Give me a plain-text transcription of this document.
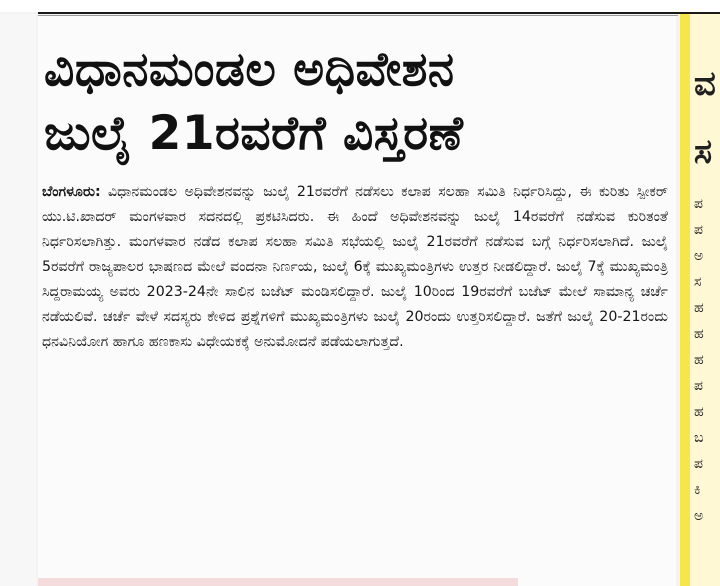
ವಿಧಾನಮಂಡಲ ಅಧಿವೇಶನ
ಜುಲೈ 21ರವರೆಗೆ ವಿಸ್ತರಣೆ

ಬೆಂಗಳೂರು: ವಿಧಾನಮಂಡಲ ಅಧಿವೇಶನವನ್ನು ಜುಲೈ 21ರವರೆಗೆ ನಡೆಸಲು ಕಲಾಪ ಸಲಹಾ ಸಮಿತಿ ನಿರ್ಧರಿಸಿದ್ದು, ಈ ಕುರಿತು ಸ್ಪೀಕರ್ ಯು.ಟಿ.ಖಾದರ್ ಮಂಗಳವಾರ ಸದನದಲ್ಲಿ ಪ್ರಕಟಿಸಿದರು. ಈ ಹಿಂದೆ ಅಧಿವೇಶನವನ್ನು ಜುಲೈ 14ರವರೆಗೆ ನಡೆಸುವ ಕುರಿತಂತೆ ನಿರ್ಧರಿಸಲಾಗಿತ್ತು. ಮಂಗಳವಾರ ನಡೆದ ಕಲಾಪ ಸಲಹಾ ಸಮಿತಿ ಸಭೆಯಲ್ಲಿ ಜುಲೈ 21ರವರೆಗೆ ನಡೆಸುವ ಬಗ್ಗೆ ನಿರ್ಧರಿಸಲಾಗಿದೆ. ಜುಲೈ 5ರವರೆಗೆ ರಾಜ್ಯಪಾಲರ ಭಾಷಣದ ಮೇಲೆ ವಂದನಾ ನಿರ್ಣಯ, ಜುಲೈ 6ಕ್ಕೆ ಮುಖ್ಯಮಂತ್ರಿಗಳು ಉತ್ತರ ನೀಡಲಿದ್ದಾರೆ. ಜುಲೈ 7ಕ್ಕೆ ಮುಖ್ಯಮಂತ್ರಿ ಸಿದ್ದರಾಮಯ್ಯ ಅವರು 2023-24ನೇ ಸಾಲಿನ ಬಜೆಟ್ ಮಂಡಿಸಲಿದ್ದಾರೆ. ಜುಲೈ 10ರಿಂದ 19ರವರೆಗೆ ಬಜೆಟ್ ಮೇಲೆ ಸಾಮಾನ್ಯ ಚರ್ಚೆ ನಡೆಯಲಿವೆ. ಚರ್ಚೆ ವೇಳೆ ಸದಸ್ಯರು ಕೇಳಿದ ಪ್ರಶ್ನೆಗಳಿಗೆ ಮುಖ್ಯಮಂತ್ರಿಗಳು ಜುಲೈ 20ರಂದು ಉತ್ತರಿಸಲಿದ್ದಾರೆ. ಜತೆಗೆ ಜುಲೈ 20-21ರಂದು ಧನವಿನಿಯೋಗ ಹಾಗೂ ಹಣಕಾಸು ವಿಧೇಯಕಕ್ಕೆ ಅನುಮೋದನೆ ಪಡೆಯಲಾಗುತ್ತದೆ.

ವ
ಸ
ಪ
ಪ
ಅ
ಸ
ಹ
ಹ
ಹ
ಪ
ಹ
ಬ
ಪ
ಕಿ
ಅ
